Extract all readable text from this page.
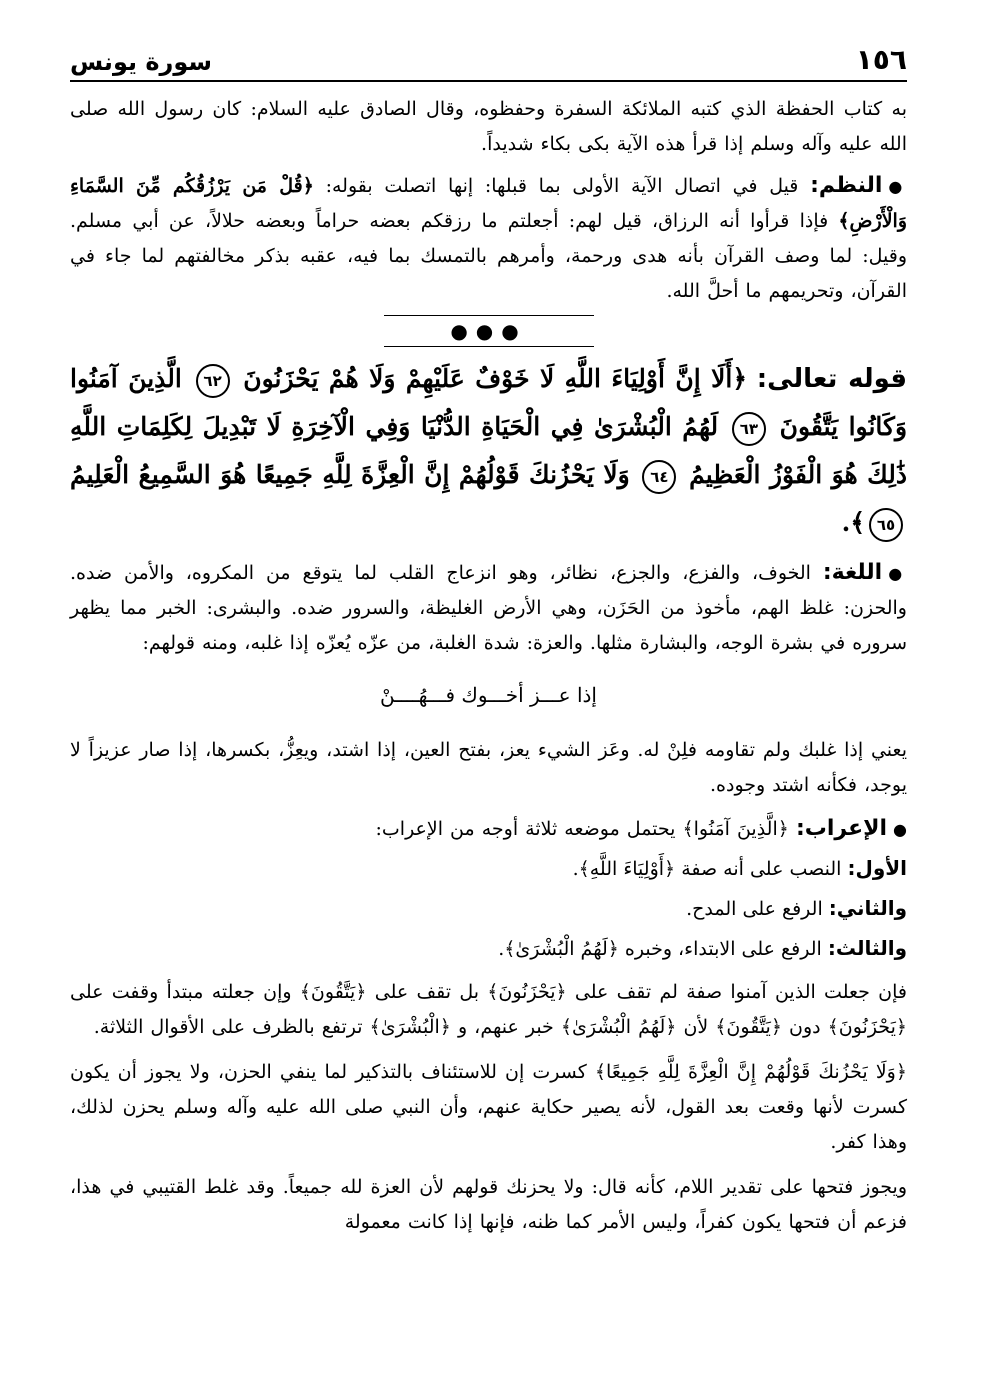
١٥٦
سورة يونس

به كتاب الحفظة الذي كتبه الملائكة السفرة وحفظوه، وقال الصادق عليه السلام: كان رسول الله صلى الله عليه وآله وسلم إذا قرأ هذه الآية بكى بكاء شديداً.

●النظم: قيل في اتصال الآية الأولى بما قبلها: إنها اتصلت بقوله: ﴿قُلْ مَن يَرْزُقُكُم مِّنَ السَّمَاءِ وَالْأَرْضِ﴾ فإذا قرأوا أنه الرزاق، قيل لهم: أجعلتم ما رزقكم بعضه حراماً وبعضه حلالاً، عن أبي مسلم. وقيل: لما وصف القرآن بأنه هدى ورحمة، وأمرهم بالتمسك بما فيه، عقبه بذكر مخالفتهم لما جاء في القرآن، وتحريمهم ما أحلَّ الله.

●●●
قوله تعالى: ﴿أَلَا إِنَّ أَوْلِيَاءَ اللَّهِ لَا خَوْفٌ عَلَيْهِمْ وَلَا هُمْ يَحْزَنُونَ ٦٢ الَّذِينَ آمَنُوا وَكَانُوا يَتَّقُونَ ٦٣ لَهُمُ الْبُشْرَىٰ فِي الْحَيَاةِ الدُّنْيَا وَفِي الْآخِرَةِ لَا تَبْدِيلَ لِكَلِمَاتِ اللَّهِ ذَٰلِكَ هُوَ الْفَوْزُ الْعَظِيمُ ٦٤ وَلَا يَحْزُنكَ قَوْلُهُمْ إِنَّ الْعِزَّةَ لِلَّهِ جَمِيعًا هُوَ السَّمِيعُ الْعَلِيمُ ٦٥﴾.

●اللغة: الخوف، والفزع، والجزع، نظائر، وهو انزعاج القلب لما يتوقع من المكروه، والأمن ضده. والحزن: غلظ الهم، مأخوذ من الحَزَن، وهي الأرض الغليظة، والسرور ضده. والبشرى: الخبر مما يظهر سروره في بشرة الوجه، والبشارة مثلها. والعزة: شدة الغلبة، من عزّه يُعزّه إذا غلبه، ومنه قولهم:

إذا عـــز أخـــوك فـــهُــــنْ

يعني إذا غلبك ولم تقاومه فلِنْ له. وعَز الشيء يعز، بفتح العين، إذا اشتد، ويعِزُّ، بكسرها، إذا صار عزيزاً لا يوجد، فكأنه اشتد وجوده.

●الإعراب: ﴿الَّذِينَ آمَنُوا﴾ يحتمل موضعه ثلاثة أوجه من الإعراب:

الأول: النصب على أنه صفة ﴿أَوْلِيَاءَ اللَّهِ﴾.
والثاني: الرفع على المدح.
والثالث: الرفع على الابتداء، وخبره ﴿لَهُمُ الْبُشْرَىٰ﴾.

فإن جعلت الذين آمنوا صفة لم تقف على ﴿يَحْزَنُونَ﴾ بل تقف على ﴿يَتَّقُونَ﴾ وإن جعلته مبتدأ وقفت على ﴿يَحْزَنُونَ﴾ دون ﴿يَتَّقُونَ﴾ لأن ﴿لَهُمُ الْبُشْرَىٰ﴾ خبر عنهم، و ﴿الْبُشْرَىٰ﴾ ترتفع بالظرف على الأقوال الثلاثة.

﴿وَلَا يَحْزُنكَ قَوْلُهُمْ إِنَّ الْعِزَّةَ لِلَّهِ جَمِيعًا﴾ كسرت إن للاستئناف بالتذكير لما ينفي الحزن، ولا يجوز أن يكون كسرت لأنها وقعت بعد القول، لأنه يصير حكاية عنهم، وأن النبي صلى الله عليه وآله وسلم يحزن لذلك، وهذا كفر.

ويجوز فتحها على تقدير اللام، كأنه قال: ولا يحزنك قولهم لأن العزة لله جميعاً. وقد غلط القتيبي في هذا، فزعم أن فتحها يكون كفراً، وليس الأمر كما ظنه، فإنها إذا كانت معمولة
